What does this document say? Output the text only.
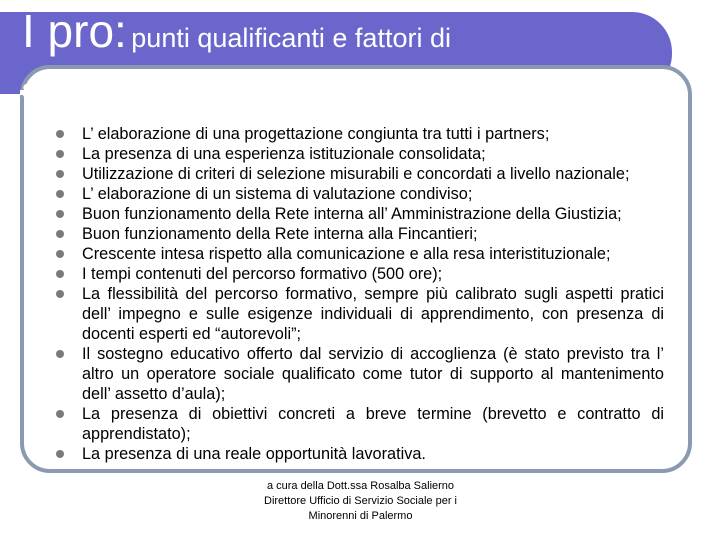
I pro: punti qualificanti e fattori di
successo
L’ elaborazione di una progettazione congiunta tra tutti i partners;
La presenza di una esperienza istituzionale consolidata;
Utilizzazione di criteri di selezione misurabili e concordati a livello nazionale;
L’ elaborazione di un sistema di valutazione condiviso;
Buon funzionamento della Rete interna all’ Amministrazione della Giustizia;
Buon funzionamento della Rete interna alla Fincantieri;
Crescente intesa rispetto alla comunicazione e alla resa interistituzionale;
I tempi contenuti del percorso formativo (500 ore);
La flessibilità del percorso formativo, sempre più calibrato sugli aspetti pratici dell’ impegno e sulle esigenze individuali di apprendimento, con presenza di docenti esperti ed “autorevoli”;
Il sostegno educativo offerto dal servizio di accoglienza (è stato previsto tra l’ altro un operatore sociale qualificato come tutor di supporto al mantenimento dell’ assetto d’aula);
La presenza di obiettivi concreti a breve termine (brevetto e contratto di apprendistato);
La presenza di una reale opportunità lavorativa.
a cura della Dott.ssa Rosalba Salierno
Direttore Ufficio di Servizio Sociale per i
Minorenni di Palermo
